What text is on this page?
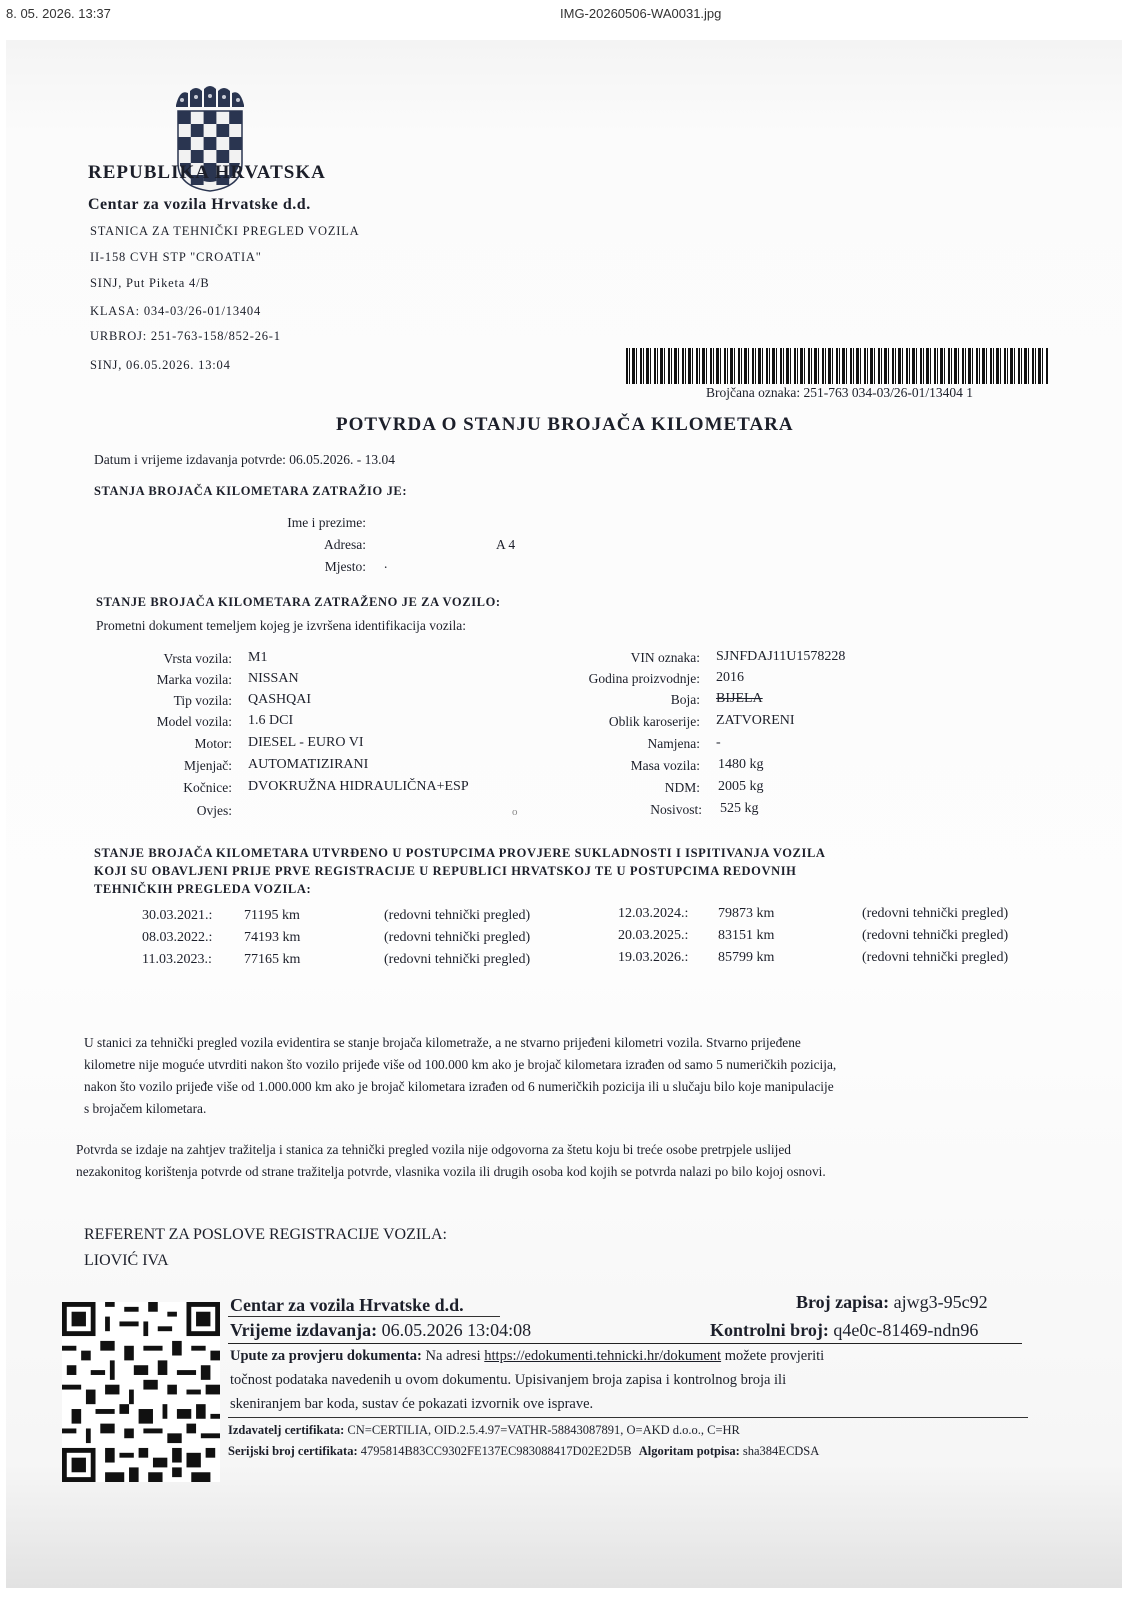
8. 05. 2026. 13:37	IMG-20260506-WA0031.jpg
REPUBLIKA HRVATSKA
Centar za vozila Hrvatske d.d.
STANICA ZA TEHNIČKI PREGLED VOZILA
II-158 CVH STP "CROATIA"
SINJ, Put Piketa 4/B
KLASA: 034-03/26-01/13404
URBROJ: 251-763-158/852-26-1
SINJ, 06.05.2026. 13:04
Brojčana oznaka: 251-763 034-03/26-01/13404 1
POTVRDA O STANJU BROJAČA KILOMETARA
Datum i vrijeme izdavanja potvrde: 06.05.2026. - 13.04
STANJA BROJAČA KILOMETARA ZATRAŽIO JE:
Ime i prezime:
Adresa:	A 4
Mjesto: .
STANJE BROJAČA KILOMETARA ZATRAŽENO JE ZA VOZILO:
Prometni dokument temeljem kojeg je izvršena identifikacija vozila:
Vrsta vozila: M1
Marka vozila: NISSAN
Tip vozila: QASHQAI
Model vozila: 1.6 DCI
Motor: DIESEL - EURO VI
Mjenjač: AUTOMATIZIRANI
Kočnice: DVOKRUŽNA HIDRAULIČNA+ESP
Ovjes:	o
VIN oznaka: SJNFDAJ11U1578228
Godina proizvodnje: 2016
Boja: BIJELA
Oblik karoserije: ZATVORENI
Namjena: -
Masa vozila: 1480 kg
NDM: 2005 kg
Nosivost: 525 kg
STANJE BROJAČA KILOMETARA UTVRĐENO U POSTUPCIMA PROVJERE SUKLADNOSTI I ISPITIVANJA VOZILA
KOJI SU OBAVLJENI PRIJE PRVE REGISTRACIJE U REPUBLICI HRVATSKOJ TE U POSTUPCIMA REDOVNIH
TEHNIČKIH PREGLEDA VOZILA:
30.03.2021.: 71195 km	(redovni tehnički pregled)
08.03.2022.: 74193 km	(redovni tehnički pregled)
11.03.2023.: 77165 km	(redovni tehnički pregled)
12.03.2024.: 79873 km	(redovni tehnički pregled)
20.03.2025.: 83151 km	(redovni tehnički pregled)
19.03.2026.: 85799 km	(redovni tehnički pregled)
U stanici za tehnički pregled vozila evidentira se stanje brojača kilometraže, a ne stvarno prijeđeni kilometri vozila. Stvarno prijeđene
kilometre nije moguće utvrditi nakon što vozilo prijeđe više od 100.000 km ako je brojač kilometara izrađen od samo 5 numeričkih pozicija,
nakon što vozilo prijeđe više od 1.000.000 km ako je brojač kilometara izrađen od 6 numeričkih pozicija ili u slučaju bilo koje manipulacije
s brojačem kilometara.
Potvrda se izdaje na zahtjev tražitelja i stanica za tehnički pregled vozila nije odgovorna za štetu koju bi treće osobe pretrpjele uslijed
nezakonitog korištenja potvrde od strane tražitelja potvrde, vlasnika vozila ili drugih osoba kod kojih se potvrda nalazi po bilo kojoj osnovi.
REFERENT ZA POSLOVE REGISTRACIJE VOZILA:
LIOVIĆ IVA
Centar za vozila Hrvatske d.d.	Broj zapisa: ajwg3-95c92
Vrijeme izdavanja: 06.05.2026 13:04:08	Kontrolni broj: q4e0c-81469-ndn96
Upute za provjeru dokumenta: Na adresi https://edokumenti.tehnicki.hr/dokument možete provjeriti
točnost podataka navedenih u ovom dokumentu. Upisivanjem broja zapisa i kontrolnog broja ili
skeniranjem bar koda, sustav će pokazati izvornik ove isprave.
Izdavatelj certifikata: CN=CERTILIA, OID.2.5.4.97=VATHR-58843087891, O=AKD d.o.o., C=HR
Serijski broj certifikata: 4795814B83CC9302FE137EC983088417D02E2D5B Algoritam potpisa: sha384ECDSA
